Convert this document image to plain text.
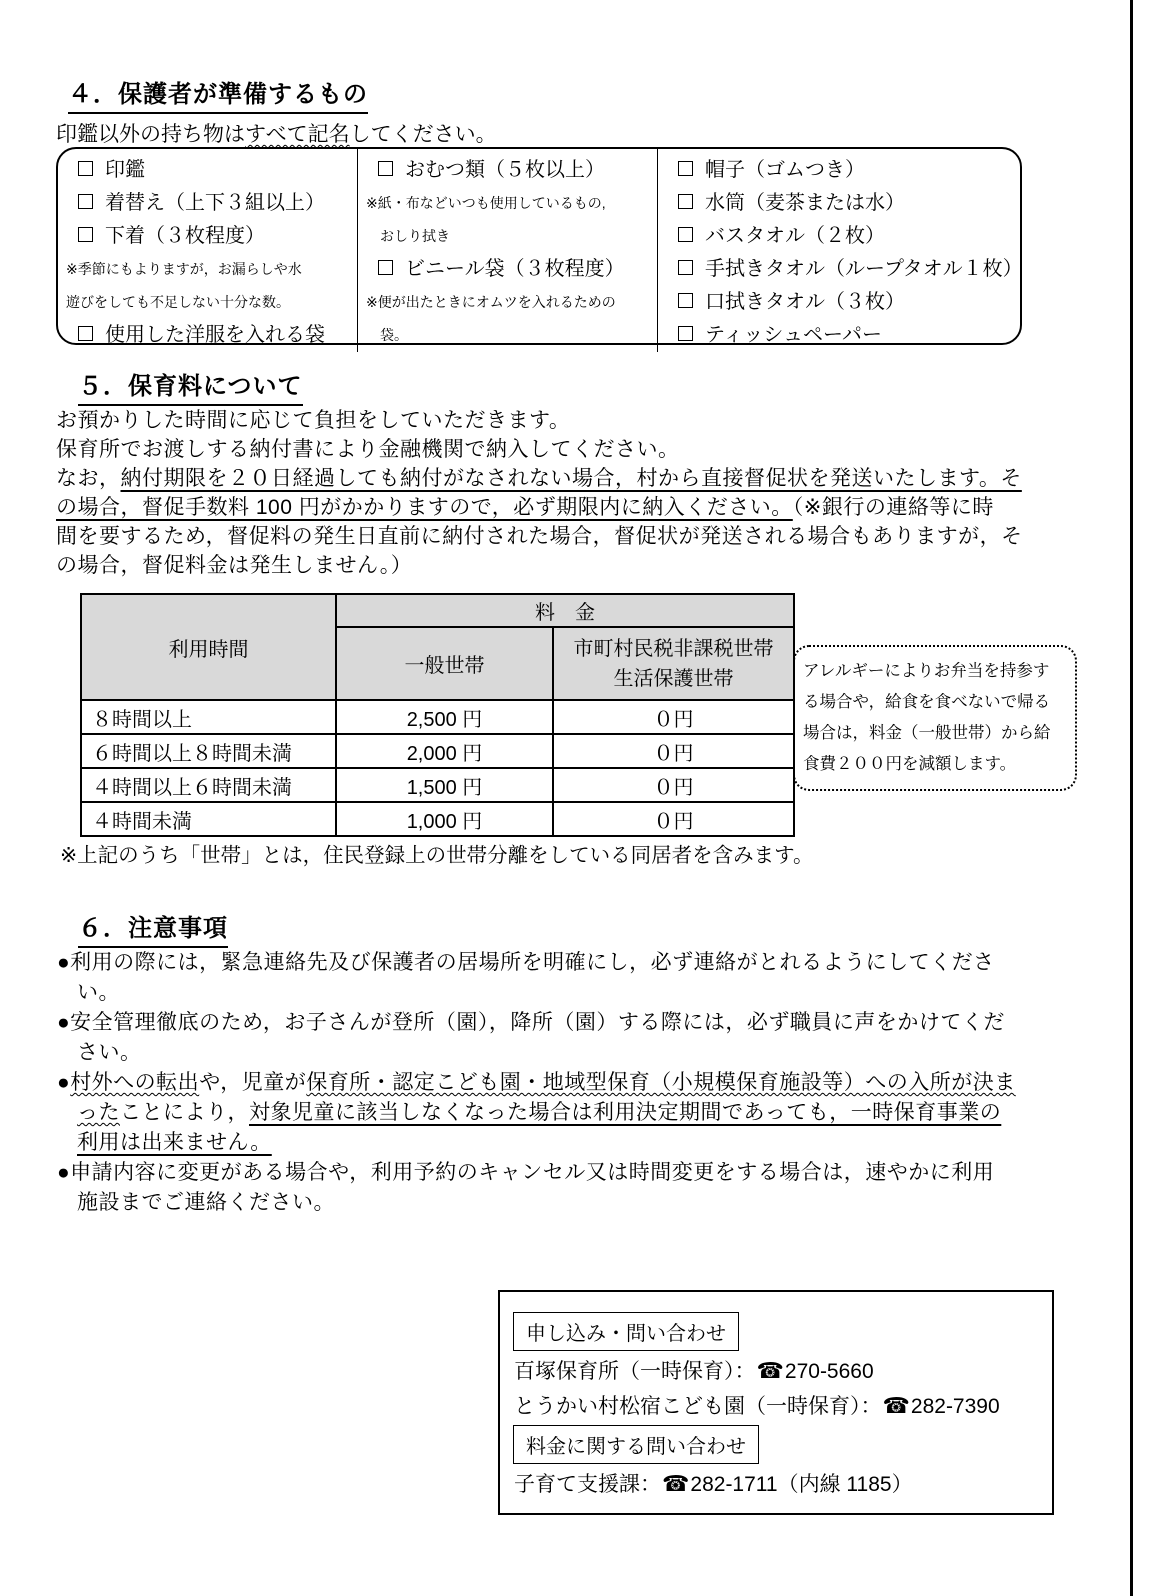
４．保護者が準備するもの
印鑑以外の持ち物はすべて記名してください。
印鑑
着替え（上下３組以上）
下着（３枚程度）
※季節にもよりますが，お漏らしや水
遊びをしても不足しない十分な数。
使用した洋服を入れる袋
おむつ類（５枚以上）
※紙・布などいつも使用しているもの,
おしり拭き
ビニール袋（３枚程度）
※便が出たときにオムツを入れるための
袋。
帽子（ゴムつき）
水筒（麦茶または水）
バスタオル（２枚）
手拭きタオル（ループタオル１枚）
口拭きタオル（３枚）
ティッシュペーパー
５．保育料について
お預かりした時間に応じて負担をしていただきます。
保育所でお渡しする納付書により金融機関で納入してください。
なお，納付期限を２０日経過しても納付がなされない場合，村から直接督促状を発送いたします。そ
の場合，督促手数料 100 円がかかりますので，必ず期限内に納入ください。（※銀行の連絡等に時
間を要するため，督促料の発生日直前に納付された場合，督促状が発送される場合もありますが，そ
の場合，督促料金は発生しません。）
利用時間	料　金	
	一般世帯	市町村民税非課税世帯
生活保護世帯

８時間以上	2,500 円	０円
６時間以上８時間未満	2,000 円	０円
４時間以上６時間未満	1,500 円	０円
４時間未満	1,000 円	０円
アレルギーによりお弁当を持参す
る場合や，給食を食べないで帰る
場合は，料金（一般世帯）から給
食費２００円を減額します。
※上記のうち「世帯」とは，住民登録上の世帯分離をしている同居者を含みます。
６．注意事項
●利用の際には，緊急連絡先及び保護者の居場所を明確にし，必ず連絡がとれるようにしてくださ
い。
●安全管理徹底のため，お子さんが登所（園），降所（園）する際には，必ず職員に声をかけてくだ
さい。
●村外への転出や，児童が保育所・認定こども園・地域型保育（小規模保育施設等）への入所が決ま
ったことにより，対象児童に該当しなくなった場合は利用決定期間であっても，一時保育事業の
利用は出来ません。
●申請内容に変更がある場合や，利用予約のキャンセル又は時間変更をする場合は，速やかに利用
施設までご連絡ください。
申し込み・問い合わせ
百塚保育所（一時保育）：☎270-5660
とうかい村松宿こども園（一時保育）：☎282-7390
料金に関する問い合わせ
子育て支援課：☎282-1711（内線 1185）
